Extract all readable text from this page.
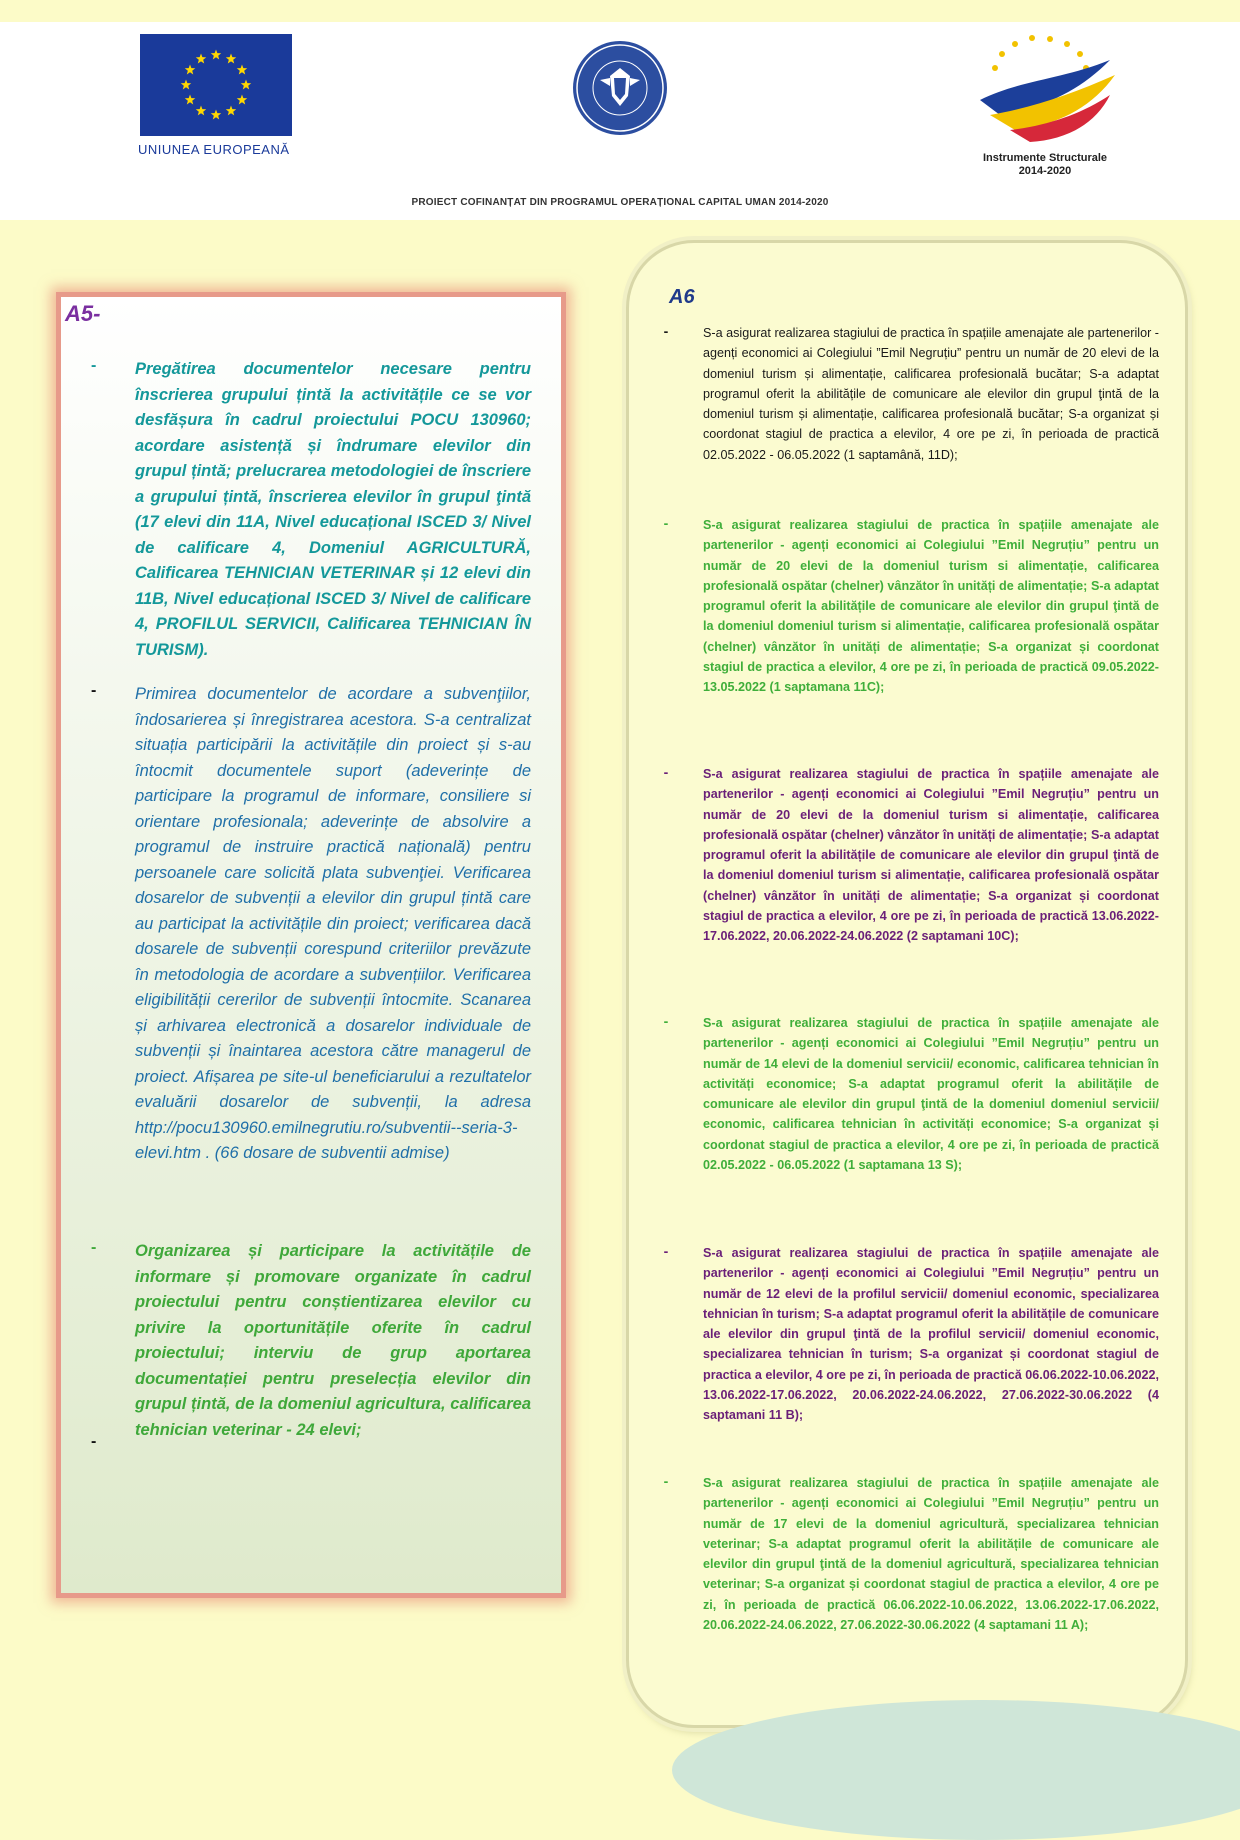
UNIUNEA EUROPEANĂ
Instrumente Structurale
2014-2020
PROIECT COFINANȚAT DIN PROGRAMUL OPERAȚIONAL CAPITAL UMAN 2014-2020
A5-
- Pregătirea documentelor necesare pentru înscrierea grupului țintă la activitățile ce se vor desfășura în cadrul proiectului POCU 130960; acordare asistență și îndrumare elevilor din grupul țintă; prelucrarea metodologiei de înscriere a grupului țintă, înscrierea elevilor în grupul ţintă (17 elevi din 11A, Nivel educațional ISCED 3/ Nivel de calificare 4, Domeniul AGRICULTURĂ, Calificarea TEHNICIAN VETERINAR și 12 elevi din 11B, Nivel educațional ISCED 3/ Nivel de calificare 4, PROFILUL SERVICII, Calificarea TEHNICIAN ÎN TURISM).
- Primirea documentelor de acordare a subvenţiilor, îndosarierea și înregistrarea acestora. S-a centralizat situația participării la activitățile din proiect și s-au întocmit documentele suport (adeverințe de participare la programul de informare, consiliere si orientare profesionala; adeverințe de absolvire a programul de instruire practică națională) pentru persoanele care solicită plata subvenţiei. Verificarea dosarelor de subvenții a elevilor din grupul țintă care au participat la activitățile din proiect; verificarea dacă dosarele de subvenții corespund criteriilor prevăzute în metodologia de acordare a subvențiilor. Verificarea eligibilității cererilor de subvenții întocmite. Scanarea și arhivarea electronică a dosarelor individuale de subvenții și înaintarea acestora către managerul de proiect. Afișarea pe site-ul beneficiarului a rezultatelor evaluării dosarelor de subvenții, la adresa http://pocu130960.emilnegrutiu.ro/subventii--seria-3-elevi.htm . (66 dosare de subventii admise)
- Organizarea și participare la activitățile de informare și promovare organizate în cadrul proiectului pentru conștientizarea elevilor cu privire la oportunitățile oferite în cadrul proiectului; interviu de grup aportarea documentației pentru preselecția elevilor din grupul țintă, de la domeniul agricultura, calificarea tehnician veterinar - 24 elevi;
-
A6
-	S-a asigurat realizarea stagiului de practica în spațiile amenajate ale partenerilor - agenți economici ai Colegiului ”Emil Negruțiu” pentru un număr de 20 elevi de la domeniul turism și alimentație, calificarea profesională bucătar; S-a adaptat programul oferit la abilitățile de comunicare ale elevilor din grupul ţintă de la domeniul turism și alimentație, calificarea profesională bucătar; S-a organizat și coordonat stagiul de practica a elevilor, 4 ore pe zi, în perioada de practică 02.05.2022 - 06.05.2022 (1 saptamână, 11D);
-	S-a asigurat realizarea stagiului de practica în spațiile amenajate ale partenerilor - agenți economici ai Colegiului ”Emil Negruțiu” pentru un număr de 20 elevi de la domeniul turism si alimentație, calificarea profesională ospătar (chelner) vânzător în unități de alimentație; S-a adaptat programul oferit la abilitățile de comunicare ale elevilor din grupul ţintă de la domeniul domeniul turism si alimentație, calificarea profesională ospătar (chelner) vânzător în unități de alimentație; S-a organizat și coordonat stagiul de practica a elevilor, 4 ore pe zi, în perioada de practică 09.05.2022- 13.05.2022 (1 saptamana 11C);
-	S-a asigurat realizarea stagiului de practica în spațiile amenajate ale partenerilor - agenți economici ai Colegiului ”Emil Negruțiu” pentru un număr de 20 elevi de la domeniul turism si alimentație, calificarea profesională ospătar (chelner) vânzător în unități de alimentație; S-a adaptat programul oferit la abilitățile de comunicare ale elevilor din grupul ţintă de la domeniul domeniul turism si alimentație, calificarea profesională ospătar (chelner) vânzător în unități de alimentație; S-a organizat și coordonat stagiul de practica a elevilor, 4 ore pe zi, în perioada de practică 13.06.2022-17.06.2022, 20.06.2022-24.06.2022 (2 saptamani 10C);
-	S-a asigurat realizarea stagiului de practica în spațiile amenajate ale partenerilor - agenți economici ai Colegiului ”Emil Negruțiu” pentru un număr de 14 elevi de la domeniul servicii/ economic, calificarea tehnician în activități economice; S-a adaptat programul oferit la abilitățile de comunicare ale elevilor din grupul ţintă de la domeniul domeniul servicii/ economic, calificarea tehnician în activități economice; S-a organizat și coordonat stagiul de practica a elevilor, 4 ore pe zi, în perioada de practică 02.05.2022 - 06.05.2022 (1 saptamana 13 S);
-	S-a asigurat realizarea stagiului de practica în spațiile amenajate ale partenerilor - agenți economici ai Colegiului ”Emil Negruțiu” pentru un număr de 12 elevi de la profilul servicii/ domeniul economic, specializarea tehnician în turism; S-a adaptat programul oferit la abilitățile de comunicare ale elevilor din grupul ţintă de la profilul servicii/ domeniul economic, specializarea tehnician în turism; S-a organizat și coordonat stagiul de practica a elevilor, 4 ore pe zi, în perioada de practică 06.06.2022-10.06.2022, 13.06.2022-17.06.2022, 20.06.2022-24.06.2022, 27.06.2022-30.06.2022 (4 saptamani 11 B);
-	S-a asigurat realizarea stagiului de practica în spațiile amenajate ale partenerilor - agenți economici ai Colegiului ”Emil Negruțiu” pentru un număr de 17 elevi de la domeniul agricultură, specializarea tehnician veterinar; S-a adaptat programul oferit la abilitățile de comunicare ale elevilor din grupul ţintă de la domeniul agricultură, specializarea tehnician veterinar; S-a organizat și coordonat stagiul de practica a elevilor, 4 ore pe zi, în perioada de practică 06.06.2022-10.06.2022, 13.06.2022-17.06.2022, 20.06.2022-24.06.2022, 27.06.2022-30.06.2022 (4 saptamani 11 A);
